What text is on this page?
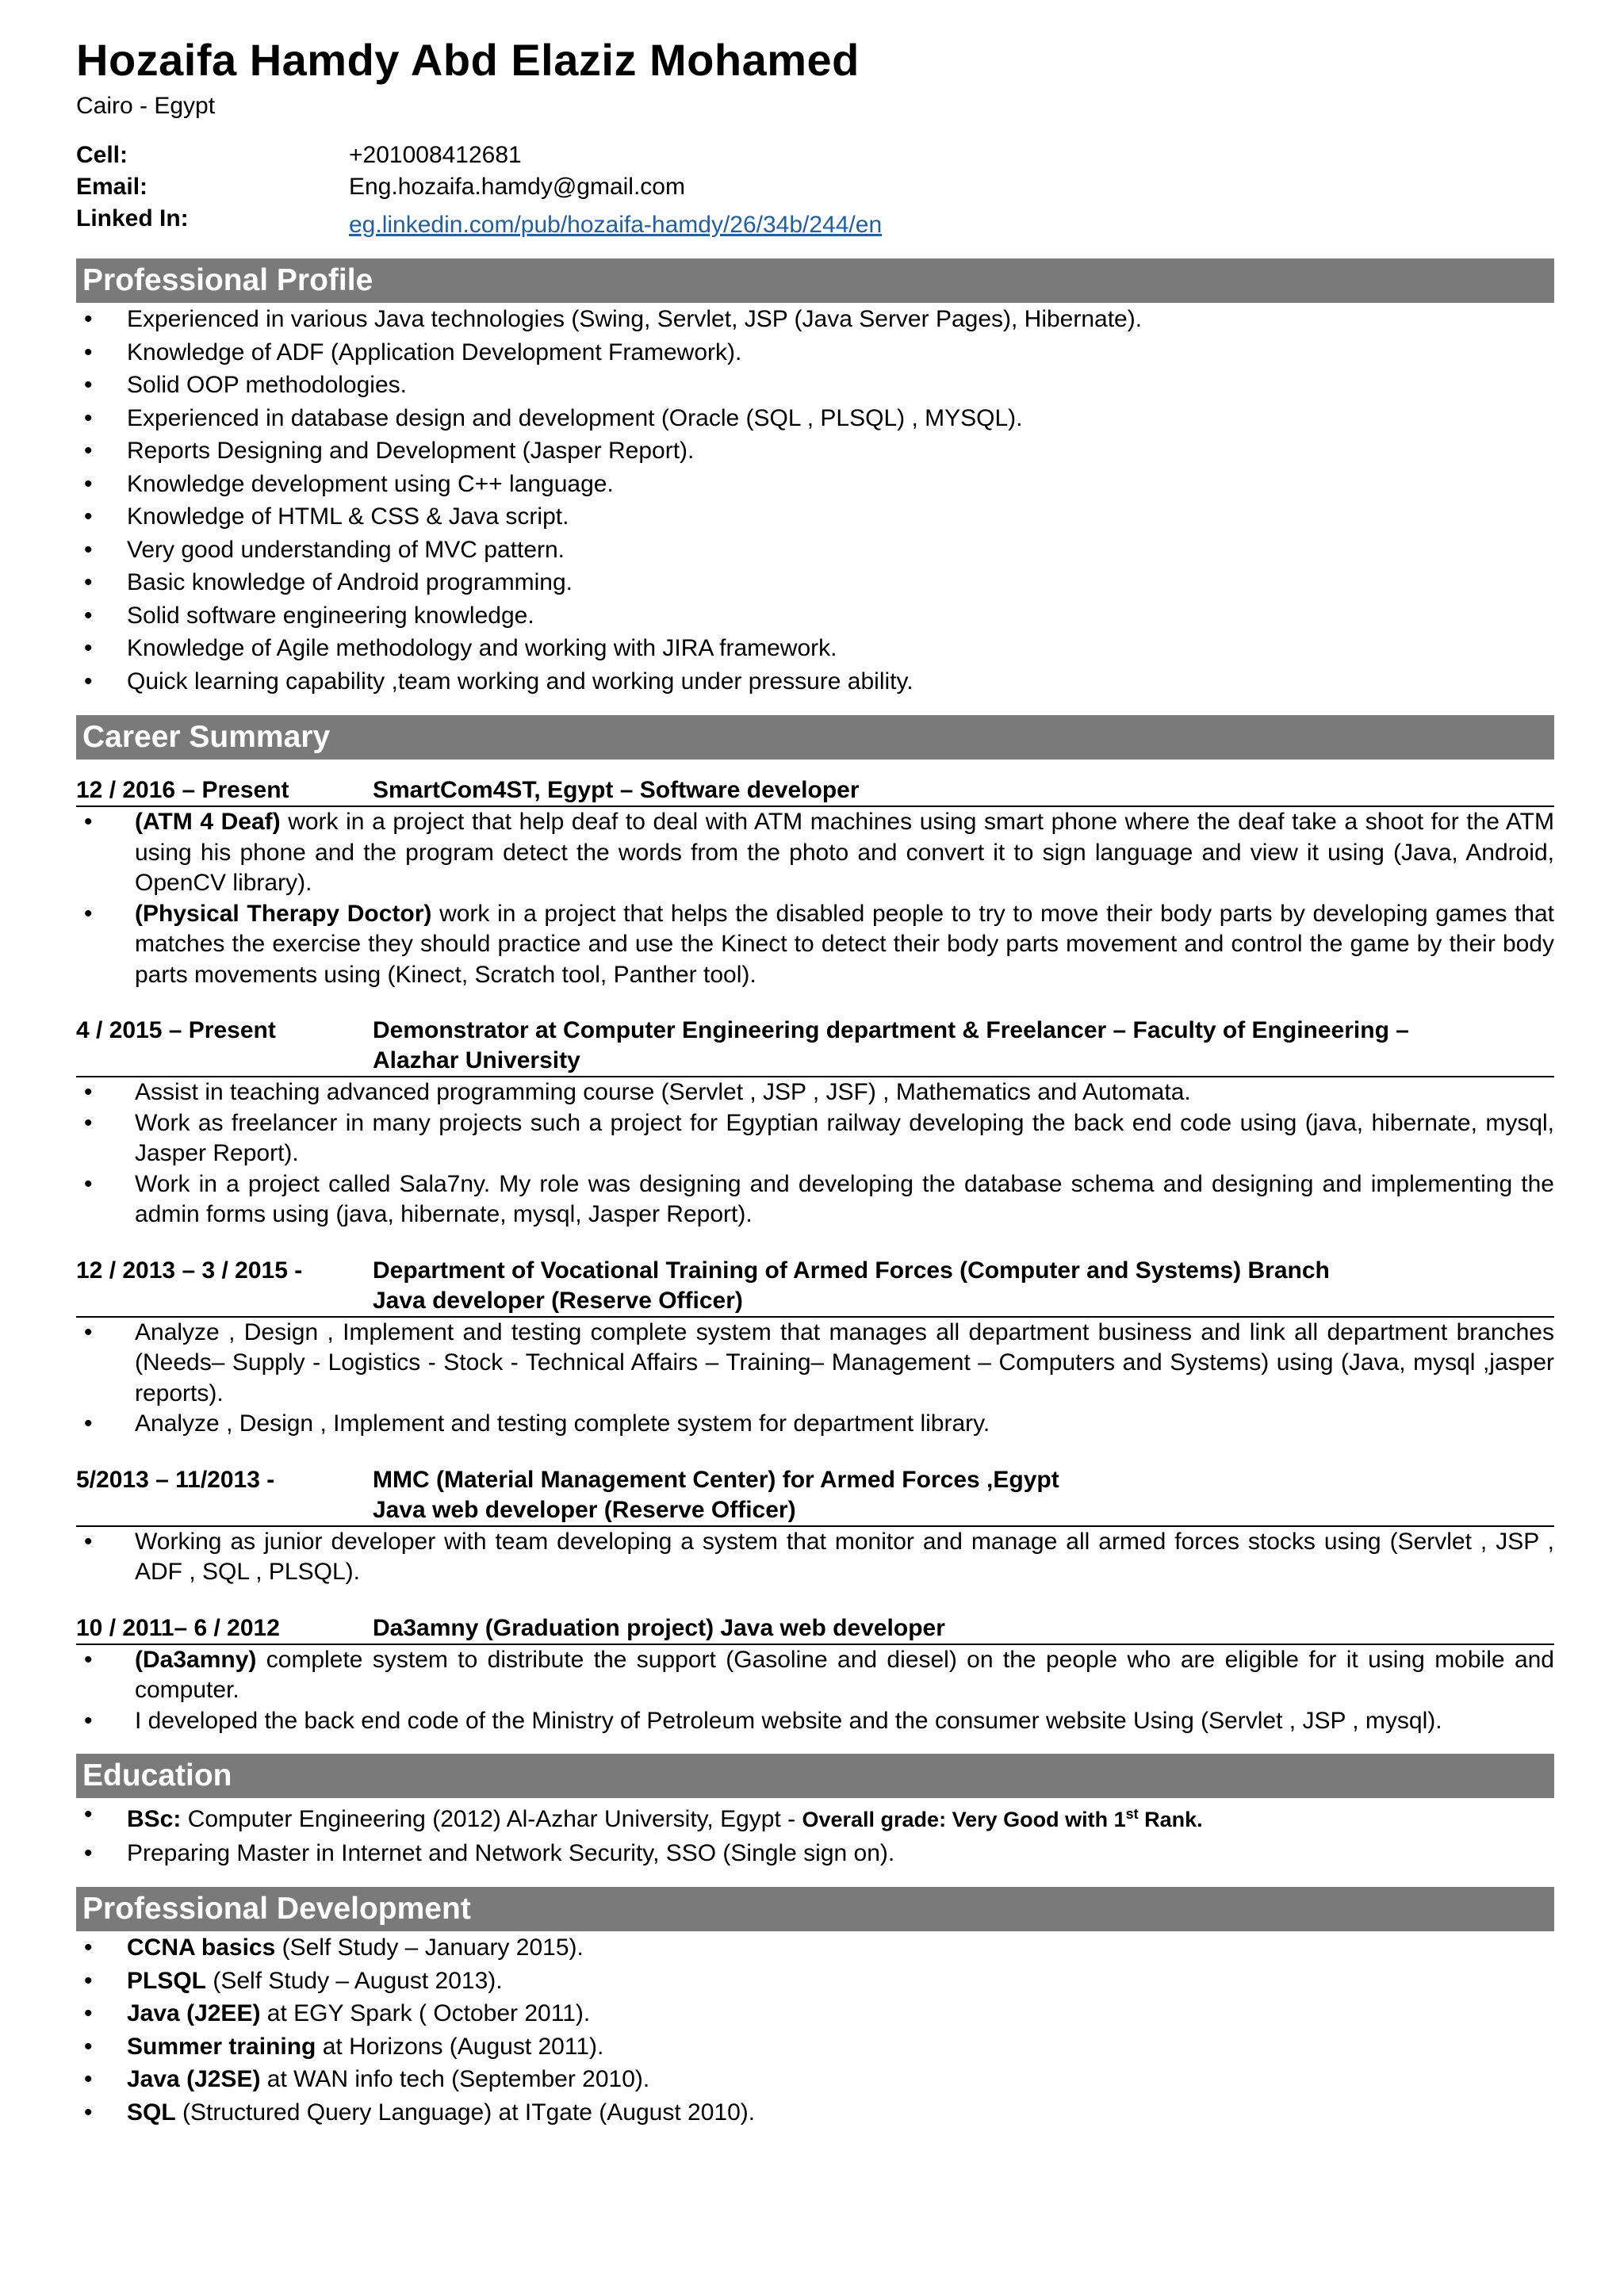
Hozaifa Hamdy Abd Elaziz Mohamed
Cairo - Egypt
Cell:	+201008412681
Email:	Eng.hozaifa.hamdy@gmail.com
Linked In:	eg.linkedin.com/pub/hozaifa-hamdy/26/34b/244/en
Professional Profile
• Experienced in various Java technologies (Swing, Servlet, JSP (Java Server Pages), Hibernate).
• Knowledge of ADF (Application Development Framework).
• Solid OOP methodologies.
• Experienced in database design and development (Oracle (SQL , PLSQL) , MYSQL).
• Reports Designing and Development (Jasper Report).
• Knowledge development using C++ language.
• Knowledge of HTML & CSS & Java script.
• Very good understanding of MVC pattern.
• Basic knowledge of Android programming.
• Solid software engineering knowledge.
• Knowledge of Agile methodology and working with JIRA framework.
• Quick learning capability ,team working and working under pressure ability.
Career Summary
12 / 2016 – Present	SmartCom4ST, Egypt – Software developer
• (ATM 4 Deaf) work in a project that help deaf to deal with ATM machines using smart phone where the deaf take a shoot for the ATM using his phone and the program detect the words from the photo and convert it to sign language and view it using (Java, Android, OpenCV library).
• (Physical Therapy Doctor) work in a project that helps the disabled people to try to move their body parts by developing games that matches the exercise they should practice and use the Kinect to detect their body parts movement and control the game by their body parts movements using (Kinect, Scratch tool, Panther tool).
4 / 2015 – Present	Demonstrator at Computer Engineering department & Freelancer – Faculty of Engineering –
Alazhar University
• Assist in teaching advanced programming course (Servlet , JSP , JSF) , Mathematics and Automata.
• Work as freelancer in many projects such a project for Egyptian railway developing the back end code using (java, hibernate, mysql, Jasper Report).
• Work in a project called Sala7ny. My role was designing and developing the database schema and designing and implementing the admin forms using (java, hibernate, mysql, Jasper Report).
12 / 2013 – 3 / 2015 -	Department of Vocational Training of Armed Forces (Computer and Systems) Branch
Java developer (Reserve Officer)
• Analyze , Design , Implement and testing complete system that manages all department business and link all department branches (Needs– Supply - Logistics - Stock - Technical Affairs – Training– Management – Computers and Systems) using (Java, mysql ,jasper reports).
• Analyze , Design , Implement and testing complete system for department library.
5/2013 – 11/2013 -	MMC (Material Management Center) for Armed Forces ,Egypt
Java web developer (Reserve Officer)
• Working as junior developer with team developing a system that monitor and manage all armed forces stocks using (Servlet , JSP , ADF , SQL , PLSQL).
10 / 2011– 6 / 2012	Da3amny (Graduation project) Java web developer
• (Da3amny) complete system to distribute the support (Gasoline and diesel) on the people who are eligible for it using mobile and computer.
• I developed the back end code of the Ministry of Petroleum website and the consumer website Using (Servlet , JSP , mysql).
Education
• BSc: Computer Engineering (2012) Al-Azhar University, Egypt - Overall grade: Very Good with 1st Rank.
• Preparing Master in Internet and Network Security, SSO (Single sign on).
Professional Development
• CCNA basics (Self Study – January 2015).
• PLSQL (Self Study – August 2013).
• Java (J2EE) at EGY Spark ( October 2011).
• Summer training at Horizons (August 2011).
• Java (J2SE) at WAN info tech (September 2010).
• SQL (Structured Query Language) at ITgate (August 2010).
